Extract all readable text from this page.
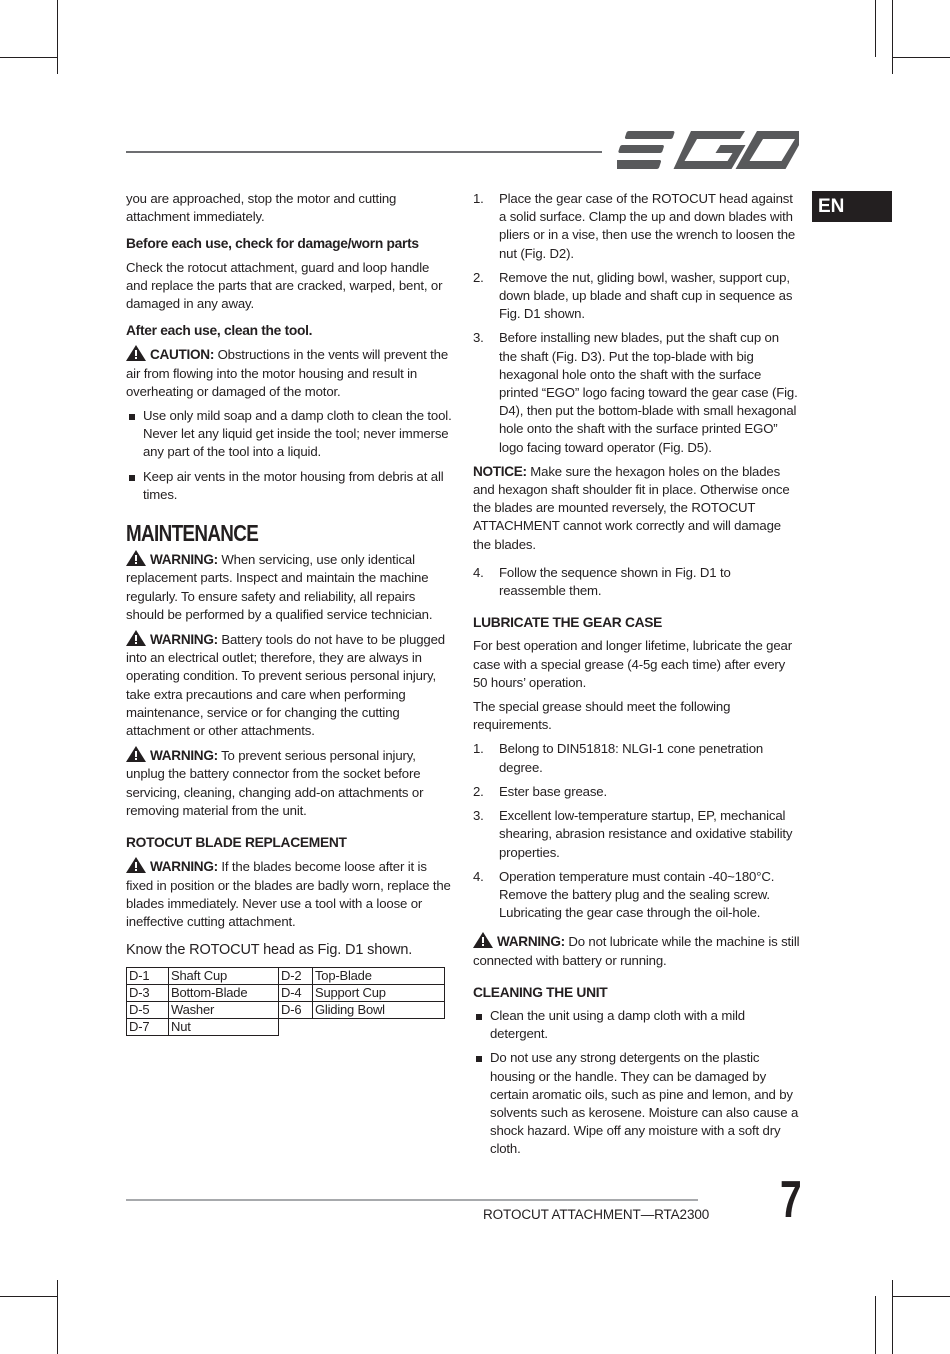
EN

you are approached, stop the motor and cutting attachment immediately.

Before each use, check for damage/worn parts

Check the rotocut attachment, guard and loop handle and replace the parts that are cracked, warped, bent, or damaged in any away.

After each use, clean the tool.

CAUTION: Obstructions in the vents will prevent the air from flowing into the motor housing and result in overheating or damaged of the motor.

Use only mild soap and a damp cloth to clean the tool. Never let any liquid get inside the tool; never immerse any part of the tool into a liquid.
Keep air vents in the motor housing from debris at all times.
MAINTENANCE

WARNING: When servicing, use only identical replacement parts. Inspect and maintain the machine regularly. To ensure safety and reliability, all repairs should be performed by a qualified service technician.

WARNING: Battery tools do not have to be plugged into an electrical outlet; therefore, they are always in operating condition. To prevent serious personal injury, take extra precautions and care when performing maintenance, service or for changing the cutting attachment or other attachments.

WARNING: To prevent serious personal injury, unplug the battery connector from the socket before servicing, cleaning, changing add-on attachments or removing material from the unit.

ROTOCUT BLADE REPLACEMENT

WARNING: If the blades become loose after it is fixed in position or the blades are badly worn, replace the blades immediately. Never use a tool with a loose or ineffective cutting attachment.

Know the ROTOCUT head as Fig. D1 shown.

D-1	Shaft Cup	D-2	Top-Blade
D-3	Bottom-Blade	D-4	Support Cup
D-5	Washer	D-6	Gliding Bowl
D-7	Nut		
1. Place the gear case of the ROTOCUT head against a solid surface. Clamp the up and down blades with pliers or in a vise, then use the wrench to loosen the nut (Fig. D2).
2. Remove the nut, gliding bowl, washer, support cup, down blade, up blade and shaft cup in sequence as Fig. D1 shown.
3. Before installing new blades, put the shaft cup on the shaft (Fig. D3). Put the top-blade with big hexagonal hole onto the shaft with the surface printed “EGO” logo facing toward the gear case (Fig. D4), then put the bottom-blade with small hexagonal hole onto the shaft with the surface printed EGO” logo facing toward operator (Fig. D5).

NOTICE: Make sure the hexagon holes on the blades and hexagon shaft shoulder fit in place. Otherwise once the blades are mounted reversely, the ROTOCUT ATTACHMENT cannot work correctly and will damage the blades.

4. Follow the sequence shown in Fig. D1 to reassemble them.
LUBRICATE THE GEAR CASE

For best operation and longer lifetime, lubricate the gear case with a special grease (4-5g each time) after every 50 hours’ operation.

The special grease should meet the following requirements.

1. Belong to DIN51818: NLGI-1 cone penetration degree.
2. Ester base grease.
3. Excellent low-temperature startup, EP, mechanical shearing, abrasion resistance and oxidative stability properties.
4. Operation temperature must contain -40~180°C. Remove the battery plug and the sealing screw. Lubricating the gear case through the oil-hole.

WARNING: Do not lubricate while the machine is still connected with battery or running.

CLEANING THE UNIT
Clean the unit using a damp cloth with a mild detergent.
Do not use any strong detergents on the plastic housing or the handle. They can be damaged by certain aromatic oils, such as pine and lemon, and by solvents such as kerosene. Moisture can also cause a shock hazard. Wipe off any moisture with a soft dry cloth.
ROTOCUT ATTACHMENT—RTA2300 7
